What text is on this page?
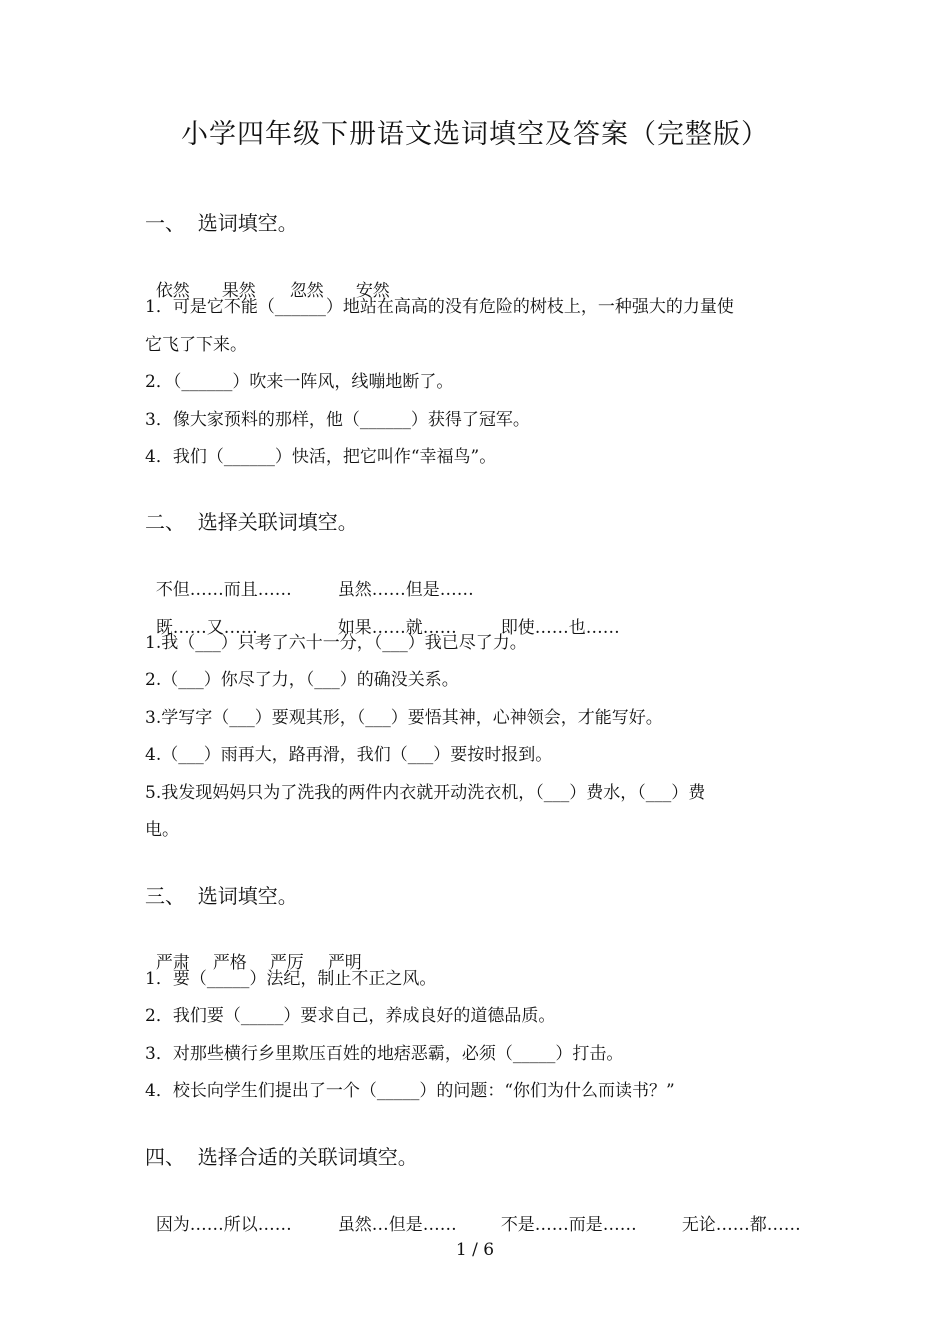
小学四年级下册语文选词填空及答案（完整版）
一、  选词填空。

依然 果然 忽然 安然

1．可是它不能（______）地站在高高的没有危险的树枝上，一种强大的力量使
它飞了下来。
2．（______）吹来一阵风，线嘣地断了。
3．像大家预料的那样，他（______）获得了冠军。
4．我们（______）快活，把它叫作“幸福鸟”。
二、  选择关联词填空。

不但……而且……	虽然……但是……

既……又……	如果……就……	即使……也……

1.我（___）只考了六十一分，（___）我已尽了力。
2.（___）你尽了力，（___）的确没关系。
3.学写字（___）要观其形，（___）要悟其神，心神领会，才能写好。
4.（___）雨再大，路再滑，我们（___）要按时报到。
5.我发现妈妈只为了洗我的两件内衣就开动洗衣机，（___）费水，（___）费
电。
三、  选词填空。

严肃 严格 严厉 严明

1．要（_____）法纪，制止不正之风。
2．我们要（_____）要求自己，养成良好的道德品质。
3．对那些横行乡里欺压百姓的地痞恶霸，必须（_____）打击。
4．校长向学生们提出了一个（_____）的问题：“你们为什么而读书？”
四、  选择合适的关联词填空。

因为……所以……	虽然…但是……	不是……而是……	无论……都……

1 / 6
